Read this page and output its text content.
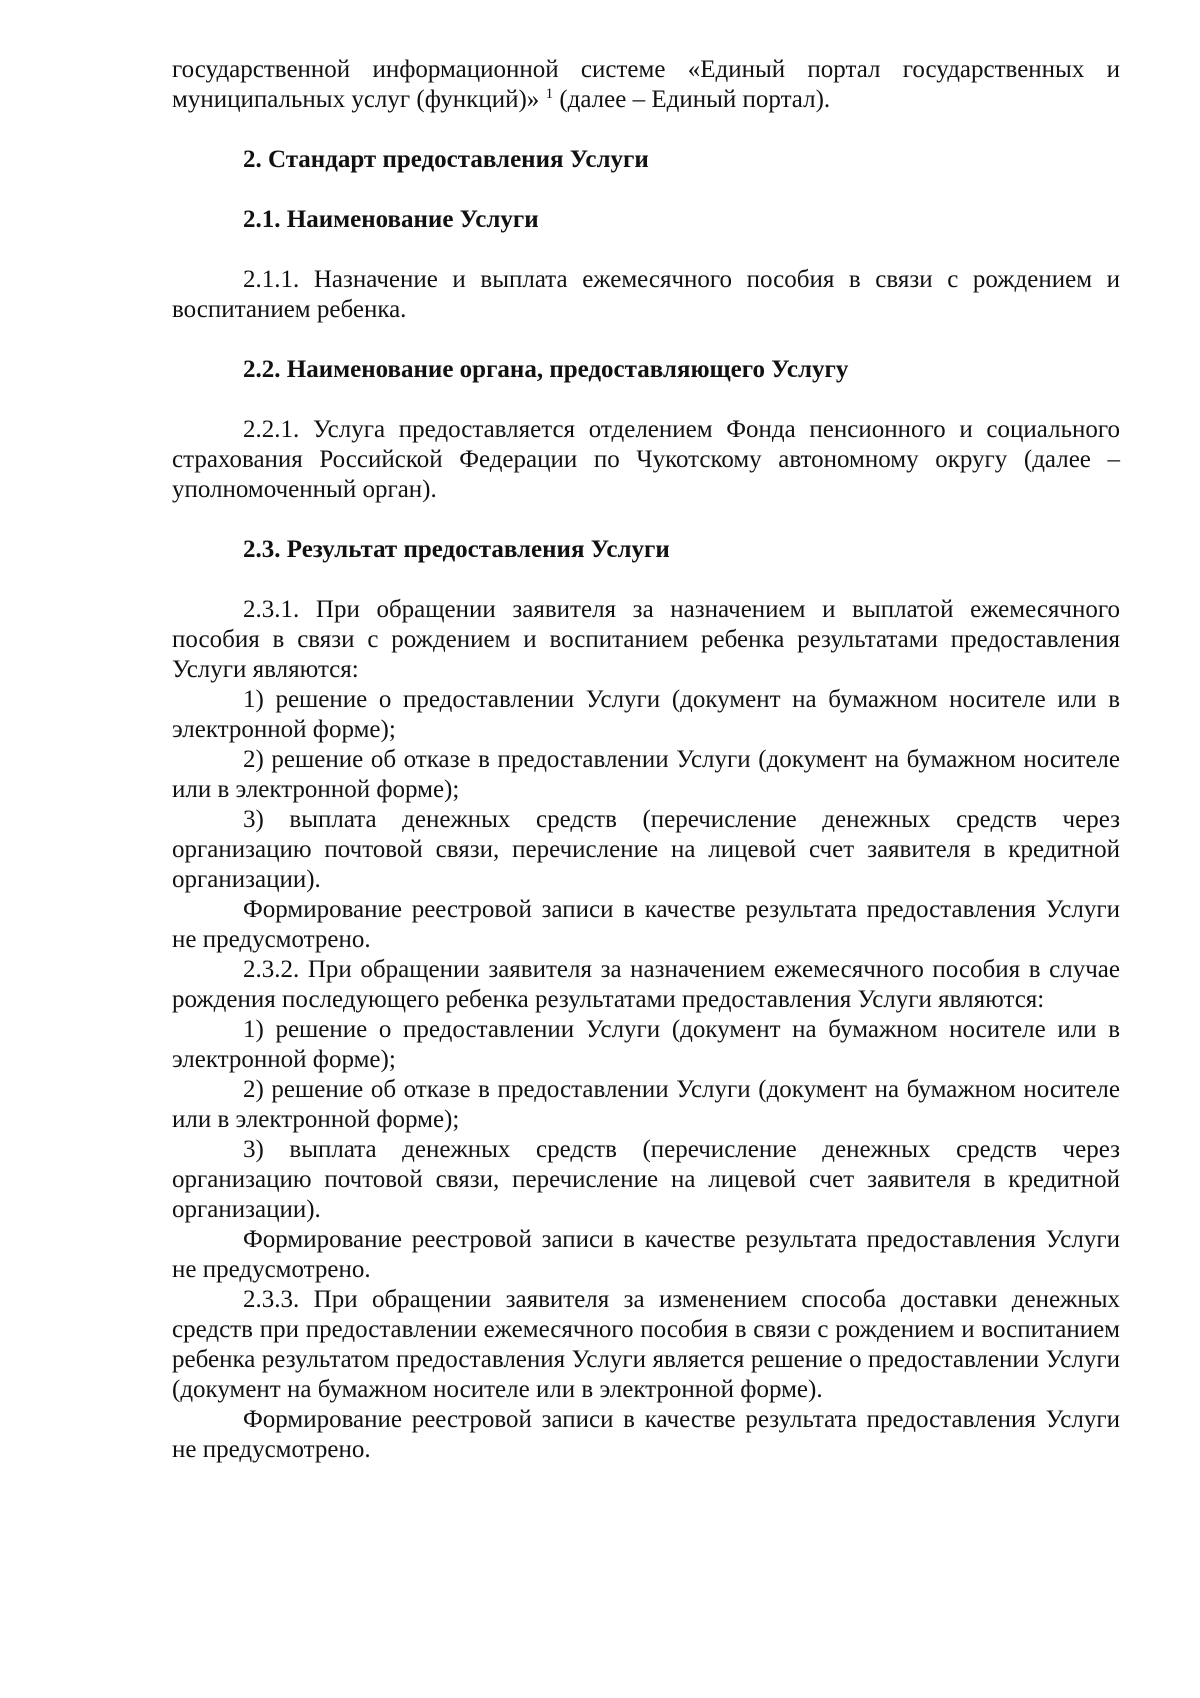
государственной информационной системе «Единый портал государственных и муниципальных услуг (функций)» $^1$ (далее – Единый портал).

2. Стандарт предоставления Услуги
2.1. Наименование Услуги

2.1.1. Назначение и выплата ежемесячного пособия в связи с рождением и воспитанием ребенка.

2.2. Наименование органа, предоставляющего Услугу

2.2.1. Услуга предоставляется отделением Фонда пенсионного и социального страхования Российской Федерации по Чукотскому автономному округу (далее – уполномоченный орган).

2.3. Результат предоставления Услуги

2.3.1. При обращении заявителя за назначением и выплатой ежемесячного пособия в связи с рождением и воспитанием ребенка результатами предоставления Услуги являются:

1) решение о предоставлении Услуги (документ на бумажном носителе или в электронной форме);

2) решение об отказе в предоставлении Услуги (документ на бумажном носителе или в электронной форме);

3) выплата денежных средств (перечисление денежных средств через организацию почтовой связи, перечисление на лицевой счет заявителя в кредитной организации).

Формирование реестровой записи в качестве результата предоставления Услуги не предусмотрено.

2.3.2. При обращении заявителя за назначением ежемесячного пособия в случае рождения последующего ребенка результатами предоставления Услуги являются:

1) решение о предоставлении Услуги (документ на бумажном носителе или в электронной форме);

2) решение об отказе в предоставлении Услуги (документ на бумажном носителе или в электронной форме);

3) выплата денежных средств (перечисление денежных средств через организацию почтовой связи, перечисление на лицевой счет заявителя в кредитной организации).

Формирование реестровой записи в качестве результата предоставления Услуги не предусмотрено.

2.3.3. При обращении заявителя за изменением способа доставки денежных средств при предоставлении ежемесячного пособия в связи с рождением и воспитанием ребенка результатом предоставления Услуги является решение о предоставлении Услуги (документ на бумажном носителе или в электронной форме).

Формирование реестровой записи в качестве результата предоставления Услуги не предусмотрено.
